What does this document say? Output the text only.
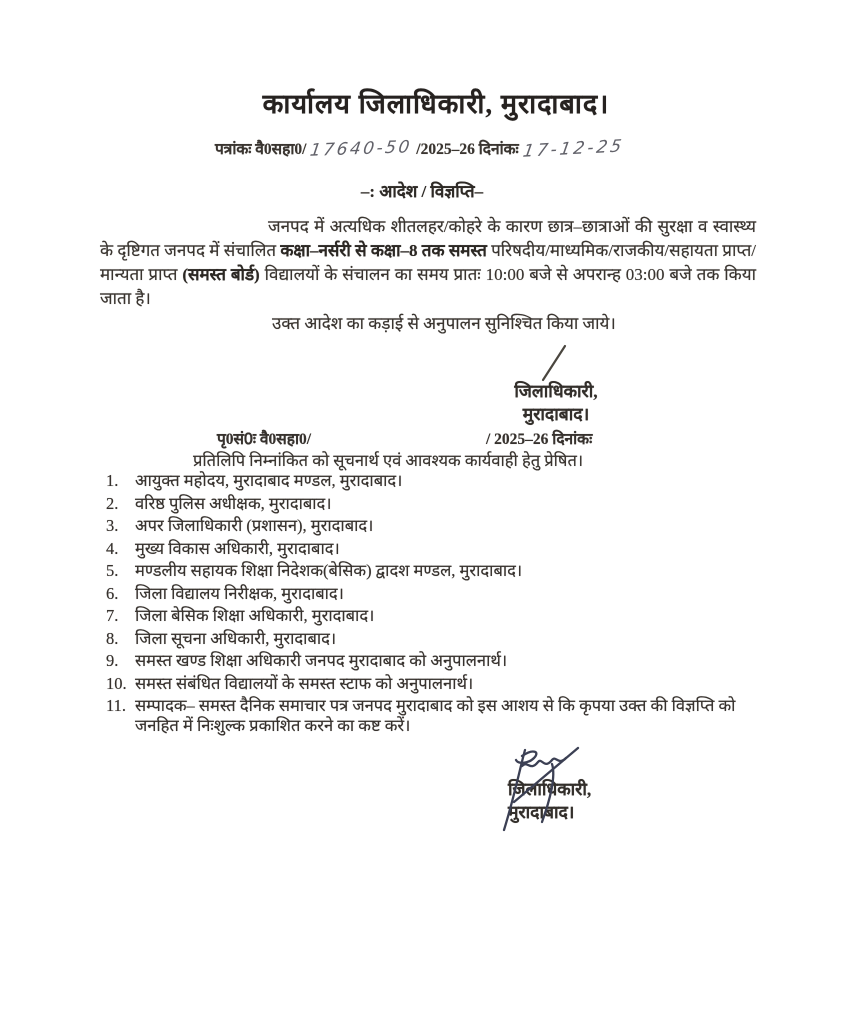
कार्यालय जिलाधिकारी, मुरादाबाद।
पत्रांकः वै0सहा0/ 17640-50 /2025–26 दिनांकः 17-12-25
–: आदेश / विज्ञप्ति–
जनपद में अत्यधिक शीतलहर/कोहरे के कारण छात्र–छात्राओं की सुरक्षा व स्वास्थ्य के दृष्टिगत जनपद में संचालित कक्षा–नर्सरी से कक्षा–8 तक समस्त परिषदीय/माध्यमिक/राजकीय/सहायता प्राप्त/मान्यता प्राप्त (समस्त बोर्ड) विद्यालयों के संचालन का समय प्रातः 10:00 बजे से अपरान्ह 03:00 बजे तक किया जाता है।
उक्त आदेश का कड़ाई से अनुपालन सुनिश्चित किया जाये।
जिलाधिकारी,
मुरादाबाद।
पृ0सं0ः वै0सहा0/	/ 2025–26 दिनांकः
प्रतिलिपि निम्नांकित को सूचनार्थ एवं आवश्यक कार्यवाही हेतु प्रेषित।
1.	आयुक्त महोदय, मुरादाबाद मण्डल, मुरादाबाद।
2.	वरिष्ठ पुलिस अधीक्षक, मुरादाबाद।
3.	अपर जिलाधिकारी (प्रशासन), मुरादाबाद।
4.	मुख्य विकास अधिकारी, मुरादाबाद।
5.	मण्डलीय सहायक शिक्षा निदेशक(बेसिक) द्वादश मण्डल, मुरादाबाद।
6.	जिला विद्यालय निरीक्षक, मुरादाबाद।
7.	जिला बेसिक शिक्षा अधिकारी, मुरादाबाद।
8.	जिला सूचना अधिकारी, मुरादाबाद।
9.	समस्त खण्ड शिक्षा अधिकारी जनपद मुरादाबाद को अनुपालनार्थ।
10. समस्त संबंधित विद्यालयों के समस्त स्टाफ को अनुपालनार्थ।
11. सम्पादक– समस्त दैनिक समाचार पत्र जनपद मुरादाबाद को इस आशय से कि कृपया उक्त की विज्ञप्ति को जनहित में निःशुल्क प्रकाशित करने का कष्ट करें।
जिलाधिकारी,
मुरादाबाद।
